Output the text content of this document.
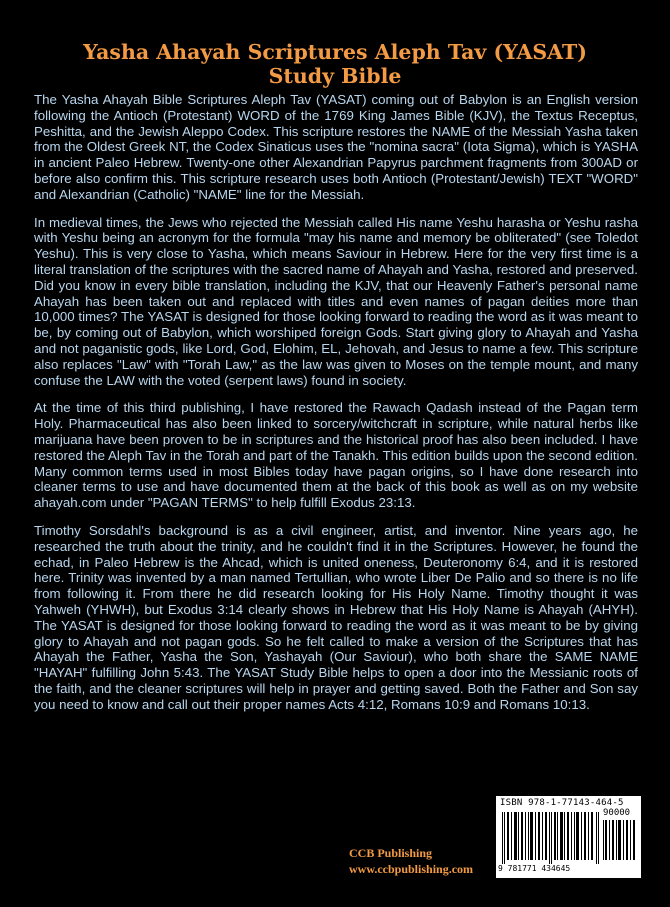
Yasha Ahayah Scriptures Aleph Tav (YASAT)
Study Bible

The Yasha Ahayah Bible Scriptures Aleph Tav (YASAT) coming out of Babylon is an English version following the Antioch (Protestant) WORD of the 1769 King James Bible (KJV), the Textus Receptus, Peshitta, and the Jewish Aleppo Codex. This scripture restores the NAME of the Messiah Yasha taken from the Oldest Greek NT, the Codex Sinaticus uses the "nomina sacra" (Iota Sigma), which is YASHA in ancient Paleo Hebrew. Twenty-one other Alexandrian Papyrus parchment fragments from 300AD or before also confirm this. This scripture research uses both Antioch (Protestant/Jewish) TEXT "WORD" and Alexandrian (Catholic) "NAME" line for the Messiah.

In medieval times, the Jews who rejected the Messiah called His name Yeshu harasha or Yeshu rasha with Yeshu being an acronym for the formula "may his name and memory be obliterated" (see Toledot Yeshu). This is very close to Yasha, which means Saviour in Hebrew. Here for the very first time is a literal translation of the scriptures with the sacred name of Ahayah and Yasha, restored and preserved. Did you know in every bible translation, including the KJV, that our Heavenly Father's personal name Ahayah has been taken out and replaced with titles and even names of pagan deities more than 10,000 times? The YASAT is designed for those looking forward to reading the word as it was meant to be, by coming out of Babylon, which worshiped foreign Gods. Start giving glory to Ahayah and Yasha and not paganistic gods, like Lord, God, Elohim, EL, Jehovah, and Jesus to name a few. This scripture also replaces "Law" with "Torah Law," as the law was given to Moses on the temple mount, and many confuse the LAW with the voted (serpent laws) found in society.

At the time of this third publishing, I have restored the Rawach Qadash instead of the Pagan term Holy. Pharmaceutical has also been linked to sorcery/witchcraft in scripture, while natural herbs like marijuana have been proven to be in scriptures and the historical proof has also been included. I have restored the Aleph Tav in the Torah and part of the Tanakh. This edition builds upon the second edition. Many common terms used in most Bibles today have pagan origins, so I have done research into cleaner terms to use and have documented them at the back of this book as well as on my website ahayah.com under "PAGAN TERMS" to help fulfill Exodus 23:13.

Timothy Sorsdahl's background is as a civil engineer, artist, and inventor. Nine years ago, he researched the truth about the trinity, and he couldn't find it in the Scriptures. However, he found the echad, in Paleo Hebrew is the Ahcad, which is united oneness, Deuteronomy 6:4, and it is restored here. Trinity was invented by a man named Tertullian, who wrote Liber De Palio and so there is no life from following it. From there he did research looking for His Holy Name. Timothy thought it was Yahweh (YHWH), but Exodus 3:14 clearly shows in Hebrew that His Holy Name is Ahayah (AHYH). The YASAT is designed for those looking forward to reading the word as it was meant to be by giving glory to Ahayah and not pagan gods. So he felt called to make a version of the Scriptures that has Ahayah the Father, Yasha the Son, Yashayah (Our Saviour), who both share the SAME NAME "HAYAH" fulfilling John 5:43. The YASAT Study Bible helps to open a door into the Messianic roots of the faith, and the cleaner scriptures will help in prayer and getting saved. Both the Father and Son say you need to know and call out their proper names Acts 4:12, Romans 10:9 and Romans 10:13.

CCB Publishing
www.ccbpublishing.com
ISBN 978-1-77143-464-5
90000
9 781771 434645
